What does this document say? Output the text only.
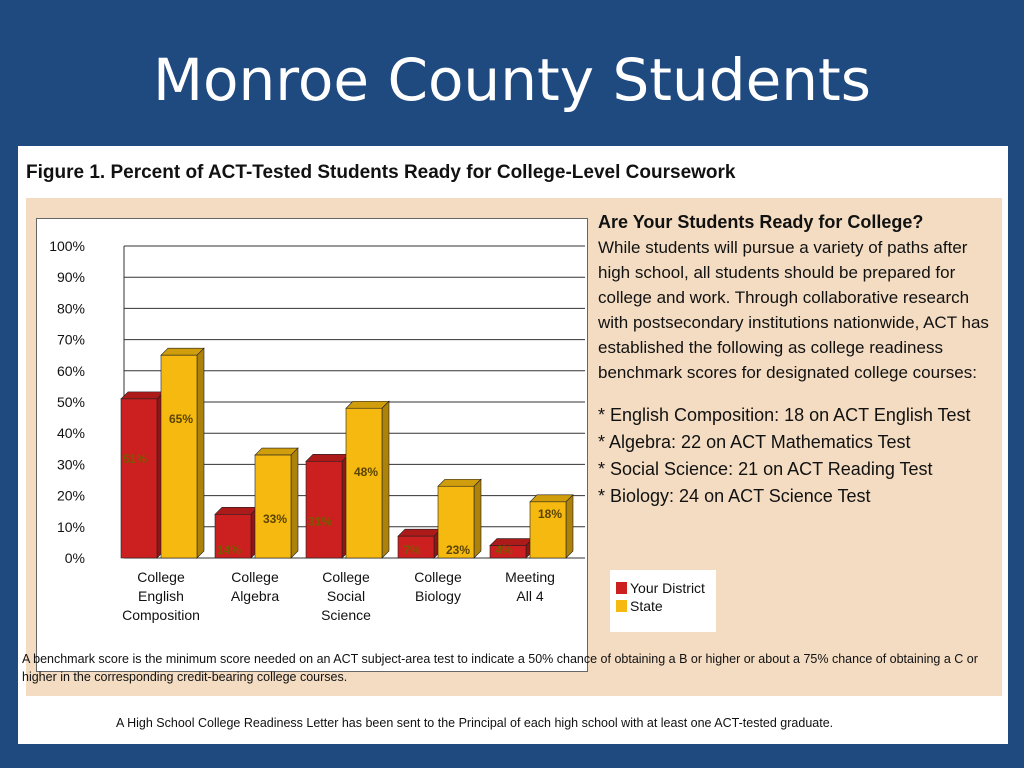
Monroe County Students
Figure 1. Percent of ACT-Tested Students Ready for College-Level Coursework
0%
10%
20%
30%
40%
50%
60%
70%
80%
90%
100%
51%
14%
31%
7%	4%
65%
33%
48%
23%
18%
College
English
Composition
College
Algebra
College
Social
Science
College
Biology
Meeting
All 4
Are Your Students Ready for College?
While students will pursue a variety of paths after high school, all students should be prepared for college and work. Through collaborative research with postsecondary institutions nationwide, ACT has established the following as college readiness benchmark scores for designated college courses:
* English Composition: 18 on ACT English Test
* Algebra: 22 on ACT Mathematics Test
* Social Science: 21 on ACT Reading Test
* Biology: 24 on ACT Science Test
Your District
State
A benchmark score is the minimum score needed on an ACT subject-area test to indicate a 50% chance of obtaining a B or higher or about a 75% chance of obtaining a C or higher in the corresponding credit-bearing college courses.
A High School College Readiness Letter has been sent to the Principal of each high school with at least one ACT-tested graduate.
